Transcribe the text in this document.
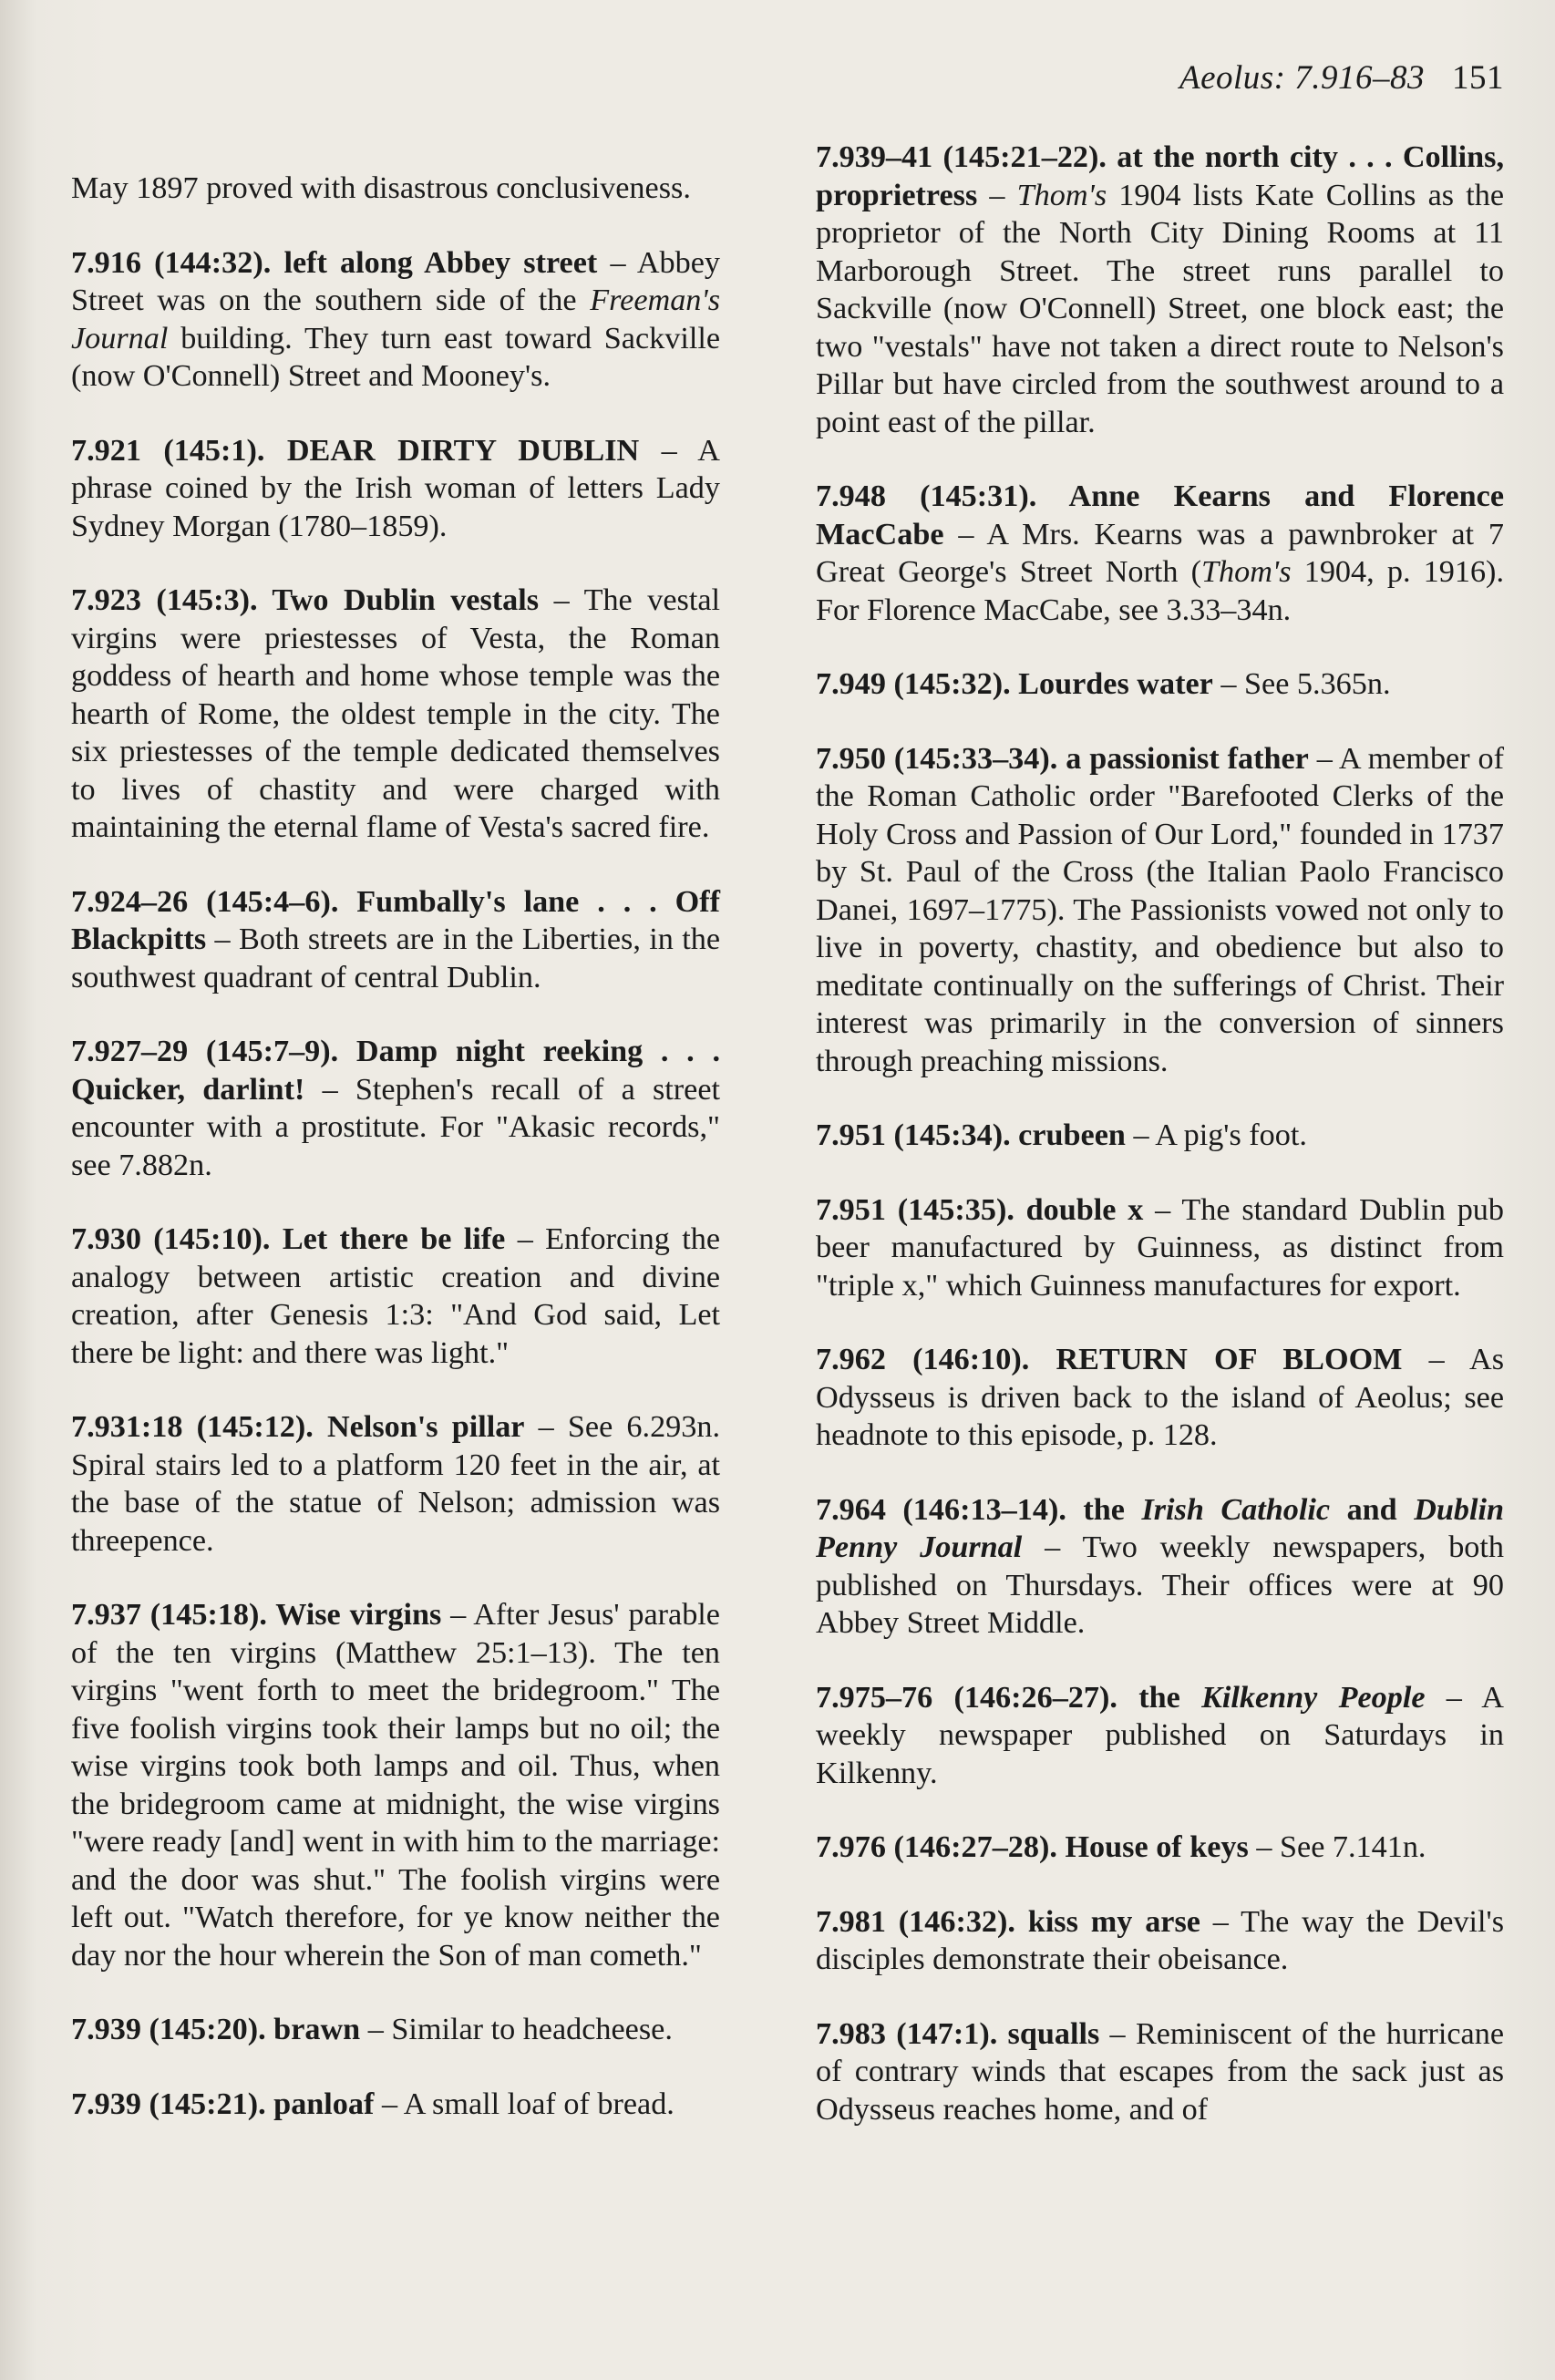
Aeolus: 7.916–83 151

May 1897 proved with disastrous conclusiveness.

7.916 (144:32). left along Abbey street – Abbey Street was on the southern side of the Freeman's Journal building. They turn east toward Sackville (now O'Connell) Street and Mooney's.

7.921 (145:1). DEAR DIRTY DUBLIN – A phrase coined by the Irish woman of letters Lady Sydney Morgan (1780–1859).

7.923 (145:3). Two Dublin vestals – The vestal virgins were priestesses of Vesta, the Roman goddess of hearth and home whose temple was the hearth of Rome, the oldest temple in the city. The six priestesses of the temple dedicated themselves to lives of chastity and were charged with maintaining the eternal flame of Vesta's sacred fire.

7.924–26 (145:4–6). Fumbally's lane . . . Off Blackpitts – Both streets are in the Liberties, in the southwest quadrant of central Dublin.

7.927–29 (145:7–9). Damp night reeking . . . Quicker, darlint! – Stephen's recall of a street encounter with a prostitute. For "Akasic records," see 7.882n.

7.930 (145:10). Let there be life – Enforcing the analogy between artistic creation and divine creation, after Genesis 1:3: "And God said, Let there be light: and there was light."

7.931:18 (145:12). Nelson's pillar – See 6.293n. Spiral stairs led to a platform 120 feet in the air, at the base of the statue of Nelson; admission was threepence.

7.937 (145:18). Wise virgins – After Jesus' parable of the ten virgins (Matthew 25:1–13). The ten virgins "went forth to meet the bridegroom." The five foolish virgins took their lamps but no oil; the wise virgins took both lamps and oil. Thus, when the bridegroom came at midnight, the wise virgins "were ready [and] went in with him to the marriage: and the door was shut." The foolish virgins were left out. "Watch therefore, for ye know neither the day nor the hour wherein the Son of man cometh."

7.939 (145:20). brawn – Similar to headcheese.

7.939 (145:21). panloaf – A small loaf of bread.

7.939–41 (145:21–22). at the north city . . . Collins, proprietress – Thom's 1904 lists Kate Collins as the proprietor of the North City Dining Rooms at 11 Marborough Street. The street runs parallel to Sackville (now O'Connell) Street, one block east; the two "vestals" have not taken a direct route to Nelson's Pillar but have circled from the southwest around to a point east of the pillar.

7.948 (145:31). Anne Kearns and Florence MacCabe – A Mrs. Kearns was a pawnbroker at 7 Great George's Street North (Thom's 1904, p. 1916). For Florence MacCabe, see 3.33–34n.

7.949 (145:32). Lourdes water – See 5.365n.

7.950 (145:33–34). a passionist father – A member of the Roman Catholic order "Barefooted Clerks of the Holy Cross and Passion of Our Lord," founded in 1737 by St. Paul of the Cross (the Italian Paolo Francisco Danei, 1697–1775). The Passionists vowed not only to live in poverty, chastity, and obedience but also to meditate continually on the sufferings of Christ. Their interest was primarily in the conversion of sinners through preaching missions.

7.951 (145:34). crubeen – A pig's foot.

7.951 (145:35). double x – The standard Dublin pub beer manufactured by Guinness, as distinct from "triple x," which Guinness manufactures for export.

7.962 (146:10). RETURN OF BLOOM – As Odysseus is driven back to the island of Aeolus; see headnote to this episode, p. 128.

7.964 (146:13–14). the Irish Catholic and Dublin Penny Journal – Two weekly newspapers, both published on Thursdays. Their offices were at 90 Abbey Street Middle.

7.975–76 (146:26–27). the Kilkenny People – A weekly newspaper published on Saturdays in Kilkenny.

7.976 (146:27–28). House of keys – See 7.141n.

7.981 (146:32). kiss my arse – The way the Devil's disciples demonstrate their obeisance.

7.983 (147:1). squalls – Reminiscent of the hurricane of contrary winds that escapes from the sack just as Odysseus reaches home, and of
